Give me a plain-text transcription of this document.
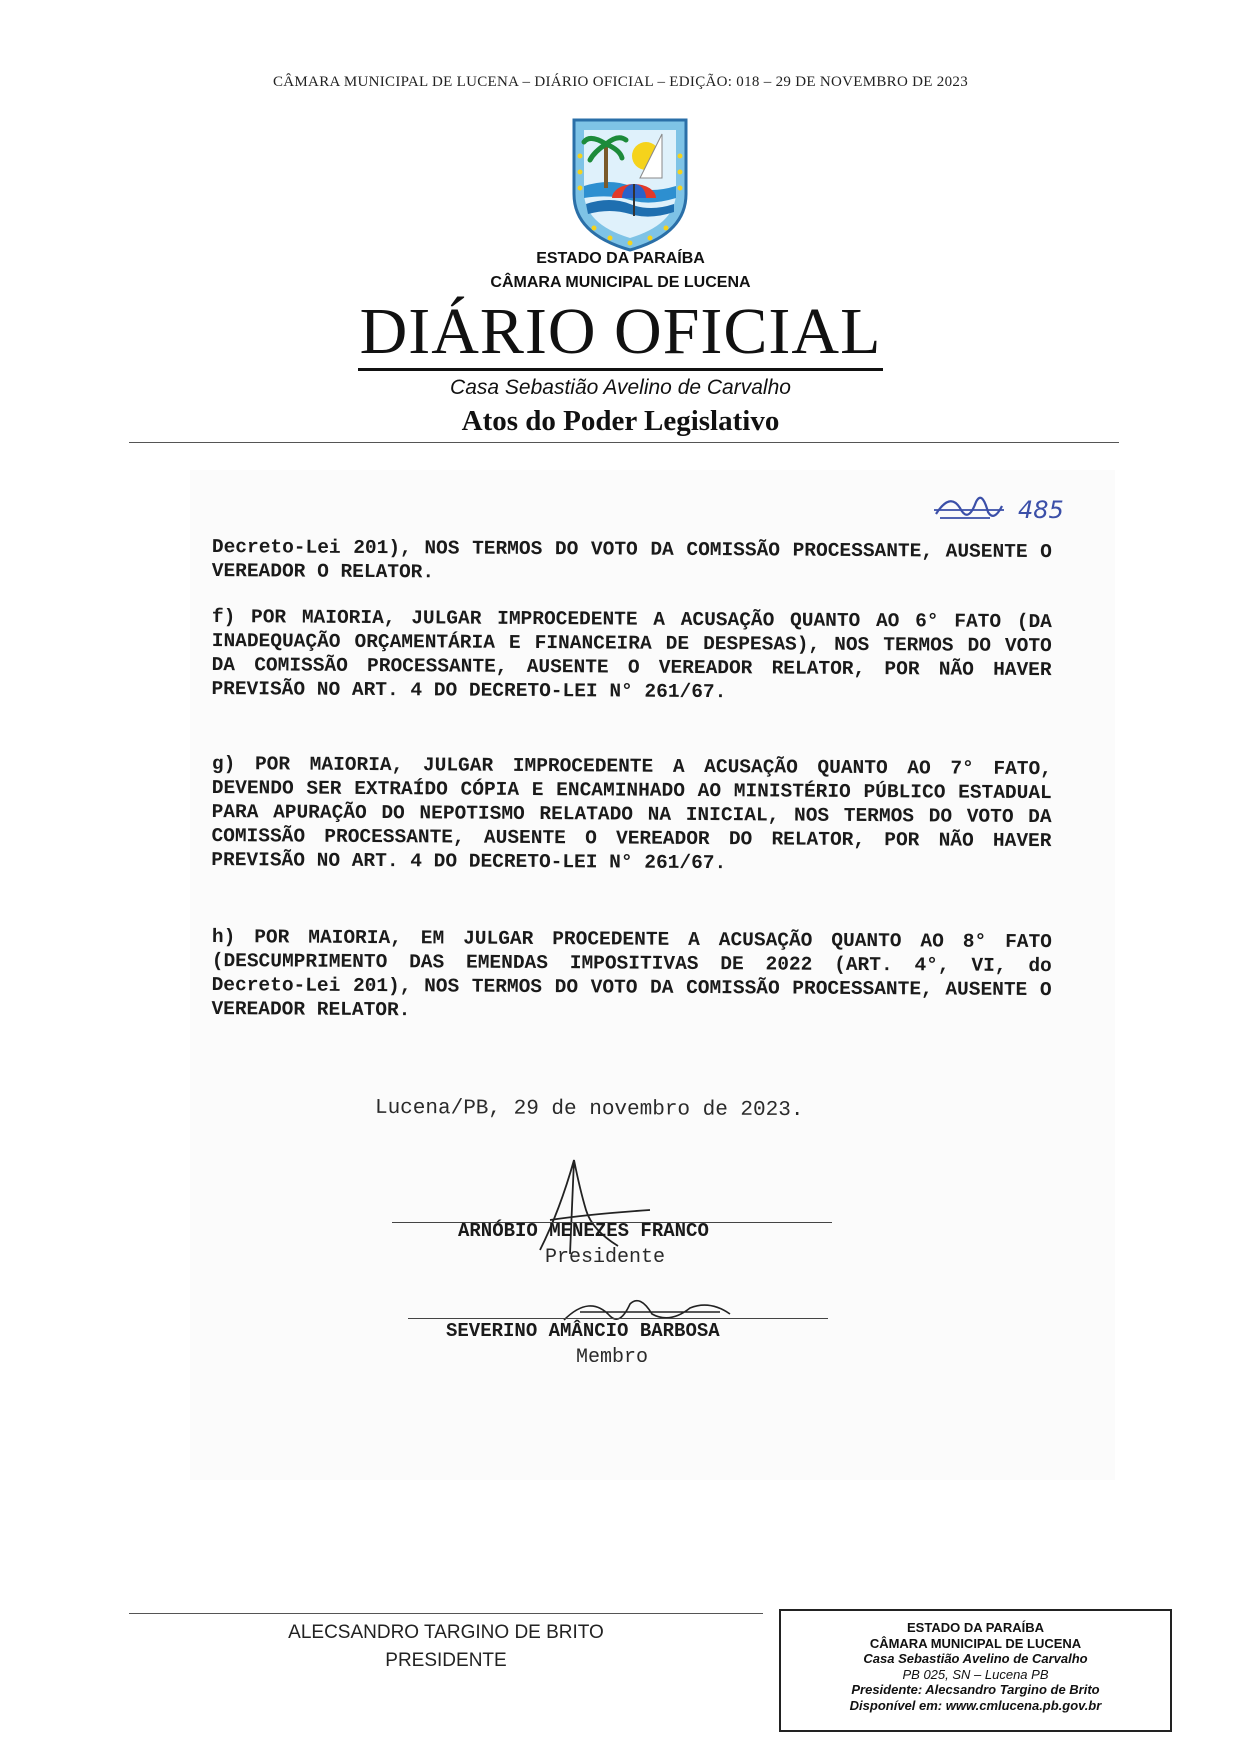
CÂMARA MUNICIPAL DE LUCENA – DIÁRIO OFICIAL – EDIÇÃO: 018 – 29 DE NOVEMBRO DE 2023
ESTADO DA PARAÍBA
CÂMARA MUNICIPAL DE LUCENA
DIÁRIO OFICIAL
Casa Sebastião Avelino de Carvalho
Atos do Poder Legislativo
485
Decreto-Lei 201), NOS TERMOS DO VOTO DA COMISSÃO PROCESSANTE, AUSENTE O VEREADOR O RELATOR.
f) POR MAIORIA, JULGAR IMPROCEDENTE A ACUSAÇÃO QUANTO AO 6° FATO (DA INADEQUAÇÃO ORÇAMENTÁRIA E FINANCEIRA DE DESPESAS), NOS TERMOS DO VOTO DA COMISSÃO PROCESSANTE, AUSENTE O VEREADOR RELATOR, POR NÃO HAVER PREVISÃO NO ART. 4 DO DECRETO-LEI N° 261/67.
g) POR MAIORIA, JULGAR IMPROCEDENTE A ACUSAÇÃO QUANTO AO 7° FATO, DEVENDO SER EXTRAÍDO CÓPIA E ENCAMINHADO AO MINISTÉRIO PÚBLICO ESTADUAL PARA APURAÇÃO DO NEPOTISMO RELATADO NA INICIAL, NOS TERMOS DO VOTO DA COMISSÃO PROCESSANTE, AUSENTE O VEREADOR DO RELATOR, POR NÃO HAVER PREVISÃO NO ART. 4 DO DECRETO-LEI N° 261/67.
h) POR MAIORIA, EM JULGAR PROCEDENTE A ACUSAÇÃO QUANTO AO 8° FATO (DESCUMPRIMENTO DAS EMENDAS IMPOSITIVAS DE 2022 (ART. 4°, VI, do Decreto-Lei 201), NOS TERMOS DO VOTO DA COMISSÃO PROCESSANTE, AUSENTE O VEREADOR RELATOR.
Lucena/PB, 29 de novembro de 2023.
ARNÓBIO MENEZES FRANCO
Presidente
SEVERINO AMÂNCIO BARBOSA
Membro
ALECSANDRO TARGINO DE BRITO
PRESIDENTE
ESTADO DA PARAÍBA
CÂMARA MUNICIPAL DE LUCENA
Casa Sebastião Avelino de Carvalho
PB 025, SN – Lucena PB
Presidente: Alecsandro Targino de Brito
Disponível em: www.cmlucena.pb.gov.br
